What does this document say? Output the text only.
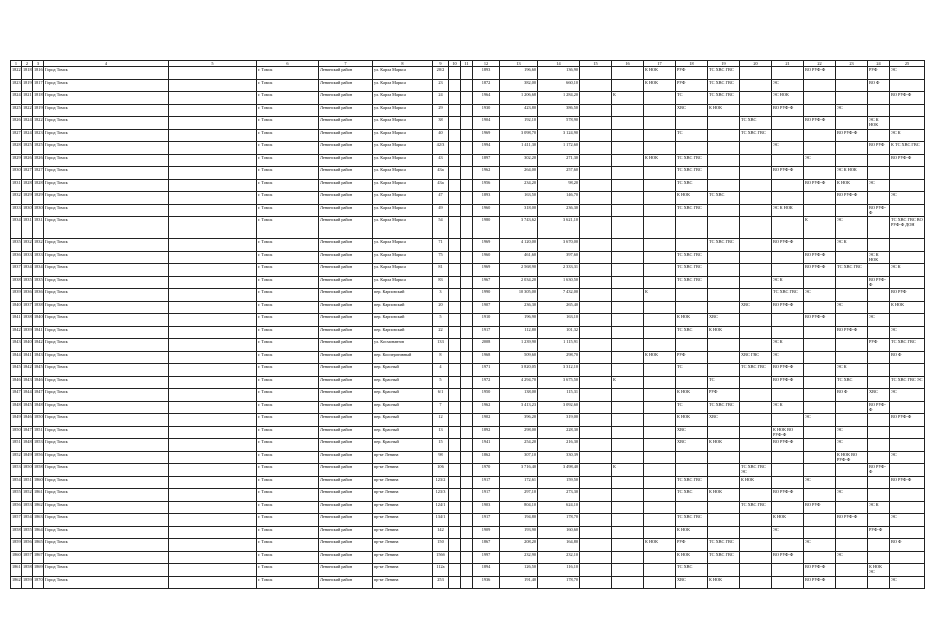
1	2	3	4	5	6	7	8	9	10	11	12	13	14	15	16	17	18	19	20	21	22	23	24	25
1822	1818	1816	Город Томск		г. Томск	Ленинский район	ул. Карла Маркса	20/2			1893	196,60	136,90			К НОК	РУФ	ТС ХВС ГВС			ВО РУФ-Ф		РУФ	ЭС
1823	1819	1817	Город Томск		г. Томск	Ленинский район	ул. Карла Маркса	23			1872	382,00	660,10			К НОК	РУФ	ТС ХВС ГВС		ЭС			ВО Ф	
1824	1821	1818	Город Томск		г. Томск	Ленинский район	ул. Карла Маркса	24			1964	1 206,68	1 284,20		К		ТС	ТС ХВС ГВС		ЭС НОК				ВО РУФ-Ф
1825	1822	1819	Город Томск		г. Томск	Ленинский район	ул. Карла Маркса	29			1930	423,80	386,50				ХВС	К НОК		ВО РУФ-Ф		ЭС		
1826	1824	1822	Город Томск		г. Томск	Ленинский район	ул. Карла Маркса	38			1904	192,10	578,90						ТС ХВС		ВО РУФ-Ф		ЭС К НОК	
1827	1824	1823	Город Томск		г. Томск	Ленинский район	ул. Карла Маркса	40			1969	3 098,70	3 124,90				ТС		ТС ХВС ГВС			ВО РУФ-Ф		ЭС К
1828	1825	1825	Город Томск		г. Томск	Ленинский район	ул. Карла Маркса	42/3			1994	1 411,30	1 172,60							ЭС			ВО РУФ	К ТС ХВС ГВС
1829	1826	1826	Город Томск		г. Томск	Ленинский район	ул. Карла Маркса	43			1897	302,20	271,30			К НОК	ТС ХВС ГВС				ЭС			ВО РУФ-Ф
1830	1827	1827	Город Томск		г. Томск	Ленинский район	ул. Карла Маркса	43а			1962	264,00	257,60				ТС ХВС ГВС			ВО РУФ-Ф		ЭС К НОК		
1831	1828	1828	Город Томск		г. Томск	Ленинский район	ул. Карла Маркса	43а			1956	234,20	98,20				ТС ХВС				ВО РУФ-Ф	К НОК	ЭС	
1832	1829	1829	Город Томск		г. Томск	Ленинский район	ул. Карла Маркса	47			1893	163,50	146,70				К НОК	ТС ХВС				ВО РУФ-Ф		ЭС
1833	1830	1830	Город Томск		г. Томск	Ленинский район	ул. Карла Маркса	49			1960	318,00	236,30				ТС ХВС ГВС			ЭС К НОК			ВО РУФ-Ф	
1834	1831	1831	Город Томск		г. Томск	Ленинский район	ул. Карла Маркса	54			1980	3 743,62	3 621,10								К	ЭС		ТС ХВС ГВС ВО РУФ-Ф ДОН
1835	1832	1832	Город Томск		г. Томск	Ленинский район	ул. Карла Маркса	71			1969	4 120,00	3 670,00					ТС ХВС ГВС		ВО РУФ-Ф		ЭС К		
1836	1833	1833	Город Томск		г. Томск	Ленинский район	ул. Карла Маркса	75			1960	461,60	397,60				ТС ХВС ГВС				ВО РУФ-Ф		ЭС К НОК	
1837	1834	1834	Город Томск		г. Томск	Ленинский район	ул. Карла Маркса	81			1969	2 568,90	2 333,31				ТС ХВС ГВС				ВО РУФ-Ф	ТС ХВС ГВС		ЭС К
1838	1835	1835	Город Томск		г. Томск	Ленинский район	ул. Карла Маркса	83			1967	2 034,20	1 630,50				ТС ХВС ГВС			ЭС К			ВО РУФ-Ф	
1839	1836	1836	Город Томск		г. Томск	Ленинский район	пер. Карповский	3			1990	10 305,00	7 432,00			К				ТС ХВС ГВС	ЭС			ВО РУФ
1840	1837	1838	Город Томск		г. Томск	Ленинский район	пер. Карповский	20			1907	236,30	265,40						ХВС	ВО РУФ-Ф		ЭС		К НОК
1841	1838	1840	Город Томск		г. Томск	Ленинский район	пер. Карповский	5			1910	196,90	163,10				К НОК	ХВС			ВО РУФ-Ф		ЭС	
1842	1839	1841	Город Томск		г. Томск	Ленинский район	пер. Карповский	22			1917	112,80	101,32				ТС ХВС	К НОК				ВО РУФ-Ф		ЭС
1843	1840	1842	Город Томск		г. Томск	Ленинский район	ул. Космонавтов	133			2008	1 239,90	1 115,91							ЭС К			РУФ	ТС ХВС ГВС
1844	1841	1843	Город Томск		г. Томск	Ленинский район	пер. Кооперативный	8			1968	509,60	298,70			К НОК	РУФ		ХВС ГВС	ЭС				ВО Ф
1845	1842	1845	Город Томск		г. Томск	Ленинский район	пер. Красный	4			1971	3 820,05	3 312,10				ТС		ТС ХВС ГВС	ВО РУФ-Ф		ЭС К		
1846	1843	1846	Город Томск		г. Томск	Ленинский район	пер. Красный	5			1972	4 294,70	3 675,50		К			ТС		ВО РУФ-Ф		ТС ХВС		ТС ХВС ГВС ЭС
1847	1844	1847	Город Томск		г. Томск	Ленинский район	пер. Красный	6/1			1950	138,00	115,31				К НОК	РУФ				ВО Ф	ХВС	ЭС
1848	1845	1848	Город Томск		г. Томск	Ленинский район	пер. Красный	7			1962	3 413,23	3 092,60				ТС	ТС ХВС ГВС		ЭС К			ВО РУФ-Ф	
1849	1846	1850	Город Томск		г. Томск	Ленинский район	пер. Красный	12			1902	396,20	319,00				К НОК	ХВС			ЭС			ВО РУФ-Ф
1850	1847	1851	Город Томск		г. Томск	Ленинский район	пер. Красный	13			1892	298,00	228,30				ХВС			К НОК ВО РУФ-Ф		ЭС		
1851	1848	1853	Город Томск		г. Томск	Ленинский район	пер. Красный	15			1941	254,20	216,30				ХВС	К НОК		ВО РУФ-Ф		ЭС		
1852	1849	1856	Город Томск		г. Томск	Ленинский район	пр-кт Ленина	98			1862	307,10	330,39									К НОК ВО РУФ-Ф		ЭС
1853	1850	1858	Город Томск		г. Томск	Ленинский район	пр-кт Ленина	106			1970	3 716,40	3 498,40		К				ТС ХВС ГВС ЭС				ВО РУФ-Ф	
1854	1851	1860	Город Томск		г. Томск	Ленинский район	пр-кт Ленина	123/2			1917	172,61	159,50				ТС ХВС ГВС		К НОК		ЭС			ВО РУФ-Ф
1855	1852	1861	Город Томск		г. Томск	Ленинский район	пр-кт Ленина	123/3			1917	297,10	273,30				ТС ХВС	К НОК		ВО РУФ-Ф		ЭС		
1856	1853	1862	Город Томск		г. Томск	Ленинский район	пр-кт Ленина	124/1			1903	804,10	624,10						ТС ХВС ГВС		ВО РУФ		ЭС К	
1857	1854	1863	Город Томск		г. Томск	Ленинский район	пр-кт Ленина	134/1			1917	194,80	178,70				ТС ХВС ГВС			К НОК		ВО РУФ-Ф		ЭС
1858	1855	1864	Город Томск		г. Томск	Ленинский район	пр-кт Ленина	142			1909	193,90	160,60				К НОК			ЭС			РУФ-Ф	
1859	1856	1865	Город Томск		г. Томск	Ленинский район	пр-кт Ленина	150			1867	208,20	164,80			К НОК	РУФ	ТС ХВС ГВС			ЭС			ВО Ф
1860	1857	1867	Город Томск		г. Томск	Ленинский район	пр-кт Ленина	156б			1997	232,90	232,10				К НОК	ТС ХВС ГВС		ВО РУФ-Ф		ЭС		
1861	1858	1869	Город Томск		г. Томск	Ленинский район	пр-кт Ленина	112а			1894	126,50	116,10				ТС ХВС				ВО РУФ-Ф		К НОК ЭС	
1862	1859	1870	Город Томск		г. Томск	Ленинский район	пр-кт Ленина	253			1936	191,40	178,70				ХВС	К НОК			ВО РУФ-Ф			ЭС
